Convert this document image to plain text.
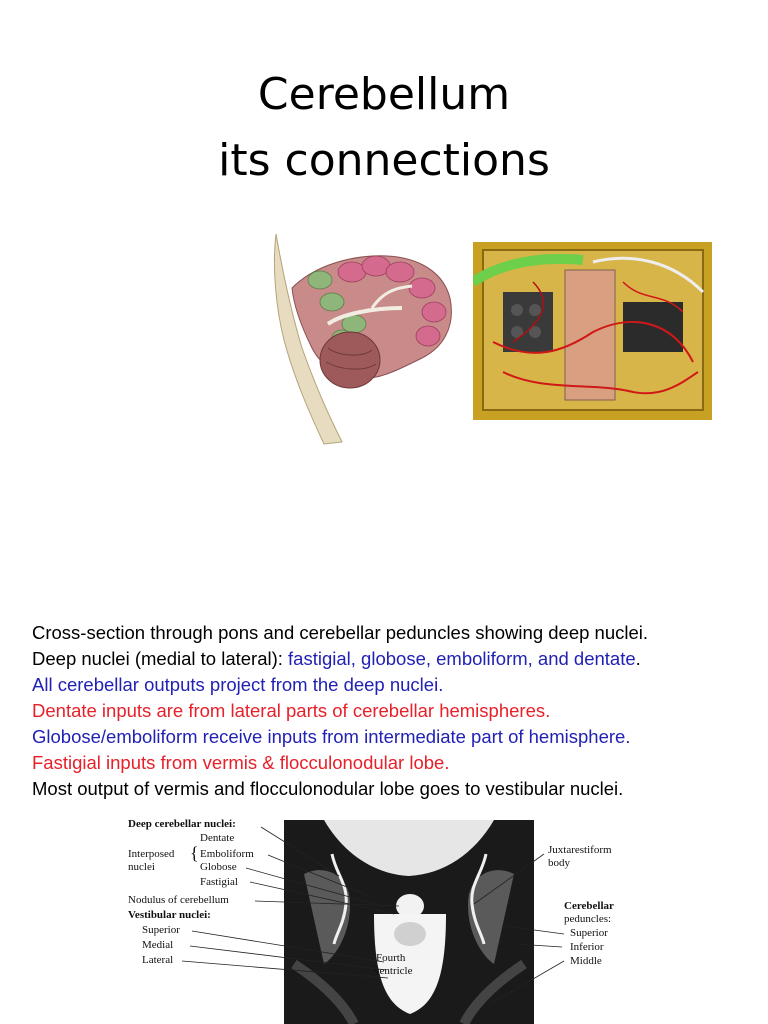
Cerebellum
its connections

Cross-section through pons and cerebellar peduncles showing deep nuclei.

Deep nuclei (medial to lateral): fastigial, globose, emboliform, and dentate.

All cerebellar outputs project from the deep nuclei.

Dentate inputs are from lateral parts of cerebellar hemispheres.

Globose/emboliform receive inputs from intermediate part of hemisphere.

Fastigial inputs from vermis & flocculonodular lobe.

Most output of vermis and flocculonodular lobe goes to vestibular nuclei.

Deep cerebellar nuclei:
Dentate
Interposed
nuclei
{ Emboliform
Globose
Fastigial
Nodulus of cerebellum
Vestibular nuclei:
Superior
Medial
Lateral	Fourth
ventricle
Juxtarestiform
body
Cerebellar
peduncles:
Superior
Inferior
Middle
